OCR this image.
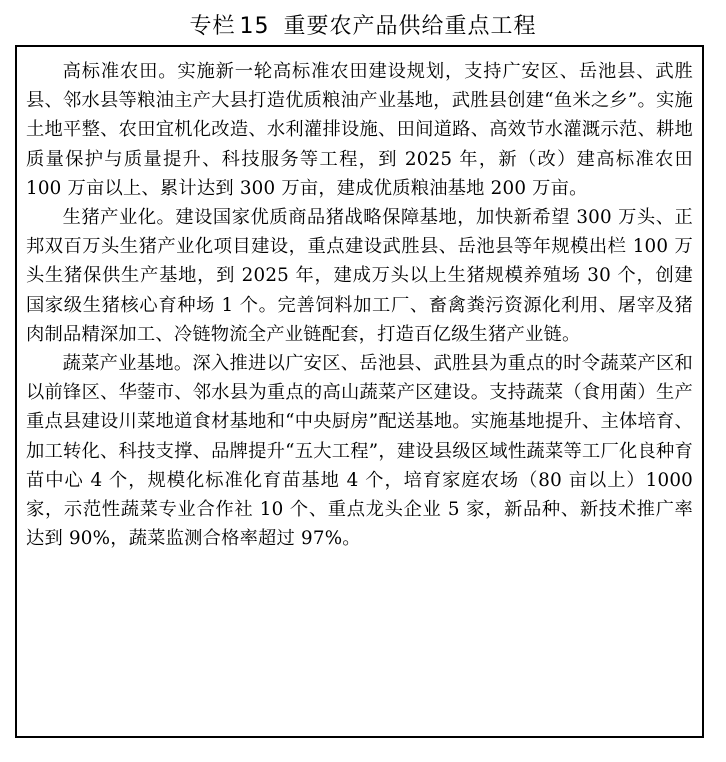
专栏 15 重要农产品供给重点工程

高标准农田。实施新一轮高标准农田建设规划，支持广安区、岳池县、武胜县、邻水县等粮油主产大县打造优质粮油产业基地，武胜县创建“鱼米之乡”。实施土地平整、农田宜机化改造、水利灌排设施、田间道路、高效节水灌溉示范、耕地质量保护与质量提升、科技服务等工程，到 2025 年，新（改）建高标准农田 100 万亩以上、累计达到 300 万亩，建成优质粮油基地 200 万亩。

生猪产业化。建设国家优质商品猪战略保障基地，加快新希望 300 万头、正邦双百万头生猪产业化项目建设，重点建设武胜县、岳池县等年规模出栏 100 万头生猪保供生产基地，到 2025 年，建成万头以上生猪规模养殖场 30 个，创建国家级生猪核心育种场 1 个。完善饲料加工厂、畜禽粪污资源化利用、屠宰及猪肉制品精深加工、冷链物流全产业链配套，打造百亿级生猪产业链。

蔬菜产业基地。深入推进以广安区、岳池县、武胜县为重点的时令蔬菜产区和以前锋区、华蓥市、邻水县为重点的高山蔬菜产区建设。支持蔬菜（食用菌）生产重点县建设川菜地道食材基地和“中央厨房”配送基地。实施基地提升、主体培育、加工转化、科技支撑、品牌提升“五大工程”，建设县级区域性蔬菜等工厂化良种育苗中心 4 个，规模化标准化育苗基地 4 个，培育家庭农场（80 亩以上）1000 家，示范性蔬菜专业合作社 10 个、重点龙头企业 5 家，新品种、新技术推广率达到 90%，蔬菜监测合格率超过 97%。
